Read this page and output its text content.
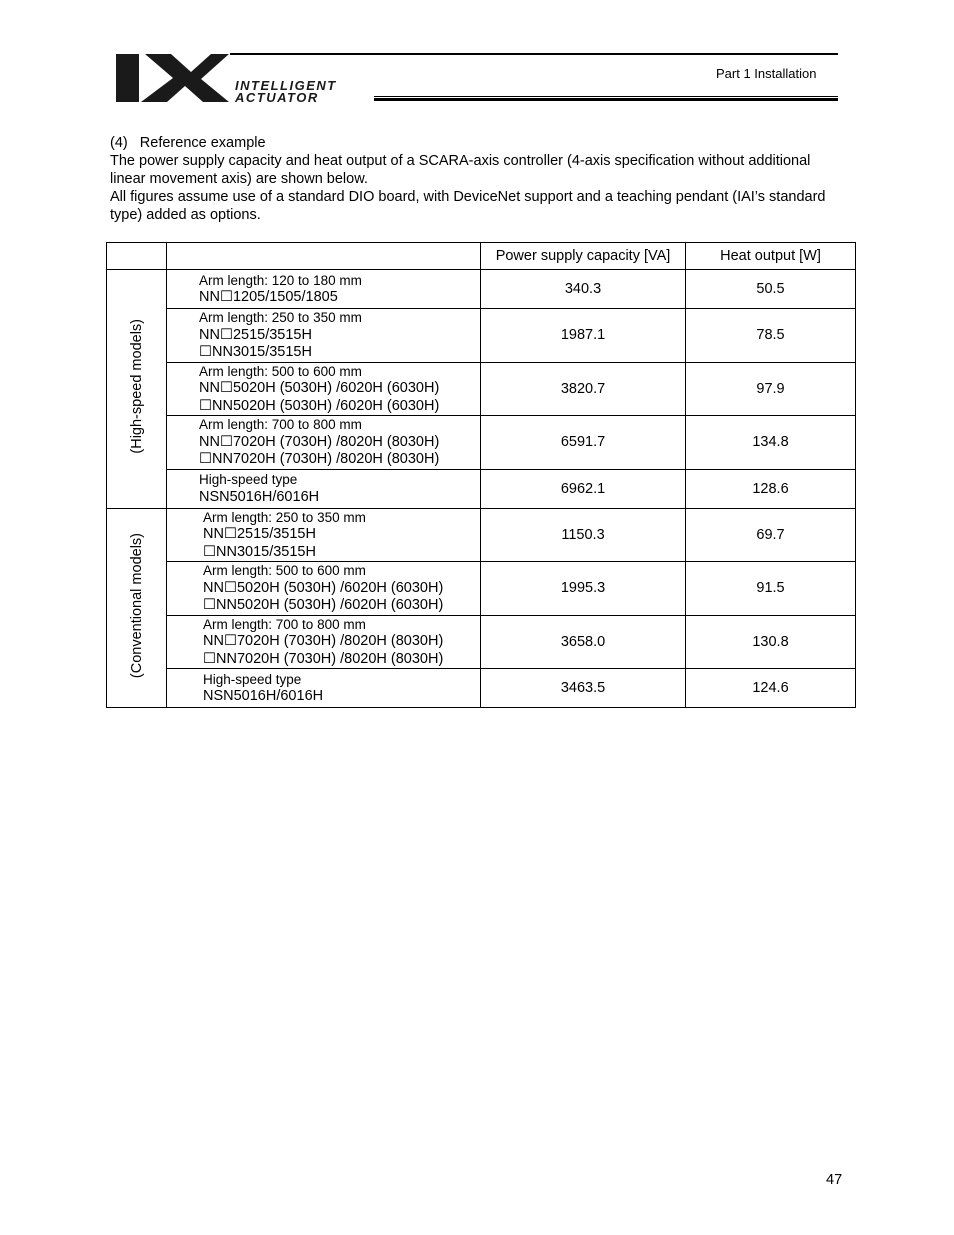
INTELLIGENT
ACTUATOR
Part 1 Installation

(4)   Reference example

The power supply capacity and heat output of a SCARA-axis controller (4-axis specification without additional linear movement axis) are shown below.

All figures assume use of a standard DIO board, with DeviceNet support and a teaching pendant (IAI’s standard type) added as options.

		Power supply capacity [VA]	Heat output [W]
(High-speed models)	Arm length: 120 to 180 mm
NN☐1205/1505/1805	340.3	50.5

	Arm length: 250 to 350 mm
NN☐2515/3515H
☐NN3015/3515H	1987.1	78.5

	Arm length: 500 to 600 mm
NN☐5020H (5030H) /6020H (6030H)
☐NN5020H (5030H) /6020H (6030H)	3820.7	97.9

	Arm length: 700 to 800 mm
NN☐7020H (7030H) /8020H (8030H)
☐NN7020H (7030H) /8020H (8030H)	6591.7	134.8

	High-speed type
NSN5016H/6016H	6962.1	128.6
(Conventional models)	Arm length: 250 to 350 mm
NN☐2515/3515H
☐NN3015/3515H	1150.3	69.7

	Arm length: 500 to 600 mm
NN☐5020H (5030H) /6020H (6030H)
☐NN5020H (5030H) /6020H (6030H)	1995.3	91.5

	Arm length: 700 to 800 mm
NN☐7020H (7030H) /8020H (8030H)
☐NN7020H (7030H) /8020H (8030H)	3658.0	130.8

	High-speed type
NSN5016H/6016H	3463.5	124.6
47
